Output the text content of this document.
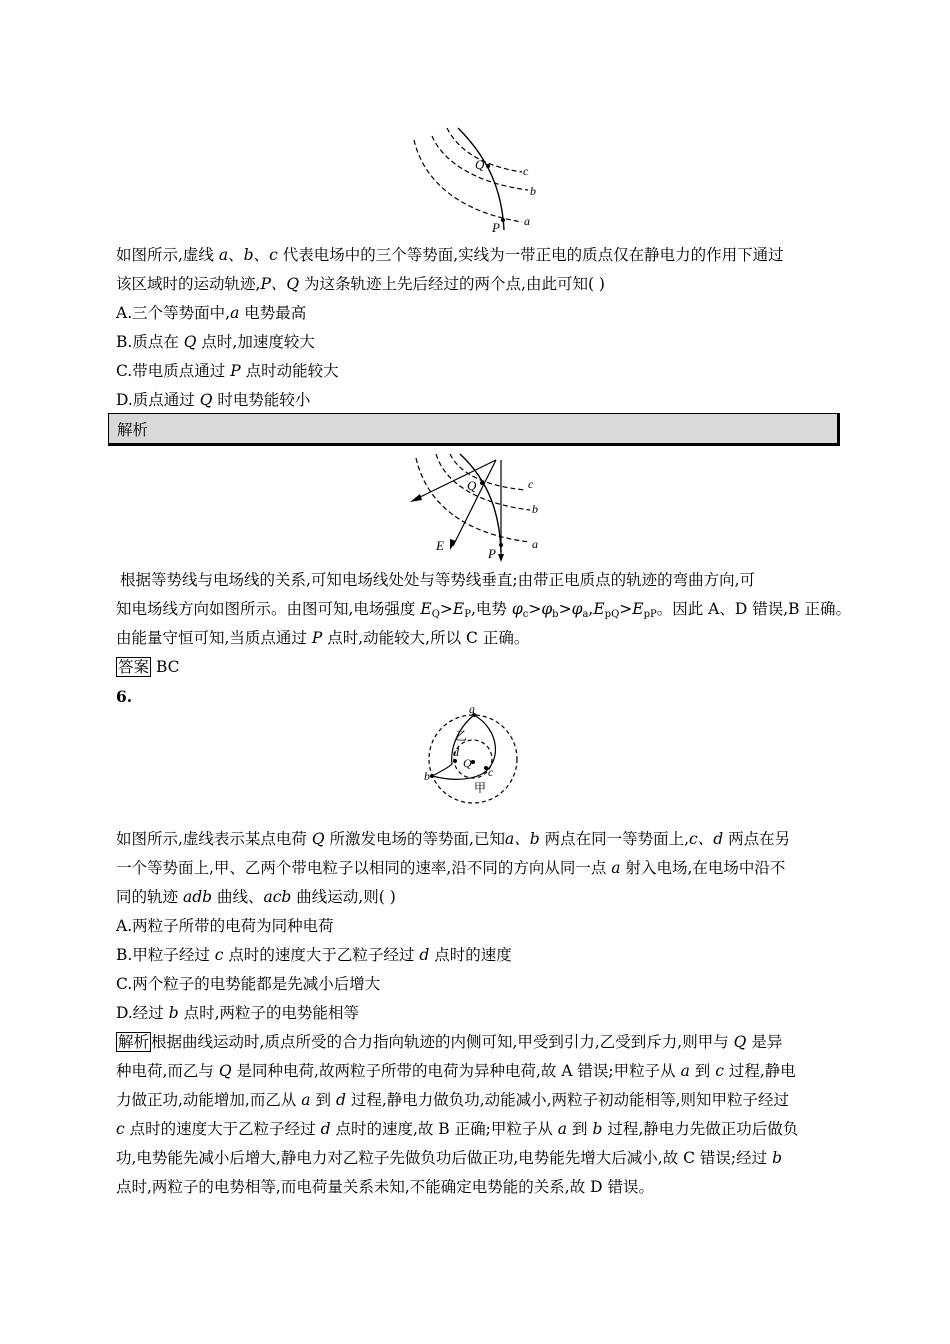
Q	c
b
a
P
如图所示,虚线 a、b、c 代表电场中的三个等势面,实线为一带正电的质点仅在静电力的作用下通过
该区域时的运动轨迹,P、Q 为这条轨迹上先后经过的两个点,由此可知( )
A.三个等势面中,a 电势最高
B.质点在 Q 点时,加速度较大
C.带电质点通过 P 点时动能较大
D.质点通过 Q 时电势能较小
解析
Q	c
b
a
E
P
根据等势线与电场线的关系,可知电场线处处与等势线垂直;由带正电质点的轨迹的弯曲方向,可
知电场线方向如图所示。由图可知,电场强度 $E_Q>E_P$,电势 $\varphi_c>\varphi_b>\varphi_a,E_{pQ}>E_{pP}$。因此 A、D 错误,B 正确。
由能量守恒可知,当质点通过 P 点时,动能较大,所以 C 正确。
答案 BC
6.
a
b	c
d
Q
乙
甲
如图所示,虚线表示某点电荷 Q 所激发电场的等势面,已知a、b 两点在同一等势面上,c、d 两点在另
一个等势面上,甲、乙两个带电粒子以相同的速率,沿不同的方向从同一点 a 射入电场,在电场中沿不
同的轨迹 adb 曲线、acb 曲线运动,则( )
A.两粒子所带的电荷为同种电荷
B.甲粒子经过 c 点时的速度大于乙粒子经过 d 点时的速度
C.两个粒子的电势能都是先减小后增大
D.经过 b 点时,两粒子的电势能相等
解析 根据曲线运动时,质点所受的合力指向轨迹的内侧可知,甲受到引力,乙受到斥力,则甲与 Q 是异
种电荷,而乙与 Q 是同种电荷,故两粒子所带的电荷为异种电荷,故 A 错误;甲粒子从 a 到 c 过程,静电
力做正功,动能增加,而乙从 a 到 d 过程,静电力做负功,动能减小,两粒子初动能相等,则知甲粒子经过
c 点时的速度大于乙粒子经过 d 点时的速度,故 B 正确;甲粒子从 a 到 b 过程,静电力先做正功后做负
功,电势能先减小后增大,静电力对乙粒子先做负功后做正功,电势能先增大后减小,故 C 错误;经过 b
点时,两粒子的电势相等,而电荷量关系未知,不能确定电势能的关系,故 D 错误。
